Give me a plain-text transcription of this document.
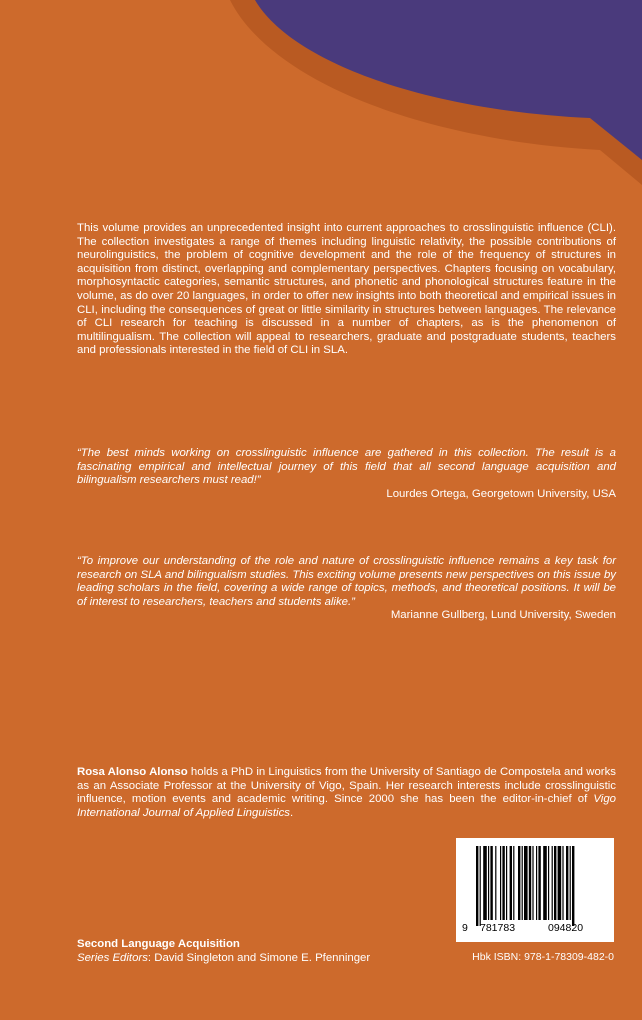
This volume provides an unprecedented insight into current approaches to crosslinguistic influence (CLI). The collection investigates a range of themes including linguistic relativity, the possible contributions of neurolinguistics, the problem of cognitive development and the role of the frequency of structures in acquisition from distinct, overlapping and complementary perspectives. Chapters focusing on vocabulary, morphosyntactic categories, semantic structures, and phonetic and phonological structures feature in the volume, as do over 20 languages, in order to offer new insights into both theoretical and empirical issues in CLI, including the consequences of great or little similarity in structures between languages. The relevance of CLI research for teaching is discussed in a number of chapters, as is the phenomenon of multilingualism. The collection will appeal to researchers, graduate and postgraduate students, teachers and professionals interested in the field of CLI in SLA.
“The best minds working on crosslinguistic influence are gathered in this collection. The result is a fascinating empirical and intellectual journey of this field that all second language acquisition and bilingualism researchers must read!”
Lourdes Ortega, Georgetown University, USA
“To improve our understanding of the role and nature of crosslinguistic influence remains a key task for research on SLA and bilingualism studies. This exciting volume presents new perspectives on this issue by leading scholars in the field, covering a wide range of topics, methods, and theoretical positions. It will be of interest to researchers, teachers and students alike.”
Marianne Gullberg, Lund University, Sweden
Rosa Alonso Alonso holds a PhD in Linguistics from the University of Santiago de Compostela and works as an Associate Professor at the University of Vigo, Spain. Her research interests include crosslinguistic influence, motion events and academic writing. Since 2000 she has been the editor-in-chief of Vigo International Journal of Applied Linguistics.
Second Language Acquisition
Series Editors: David Singleton and Simone E. Pfenninger
9 781783	094820
Hbk ISBN: 978-1-78309-482-0
